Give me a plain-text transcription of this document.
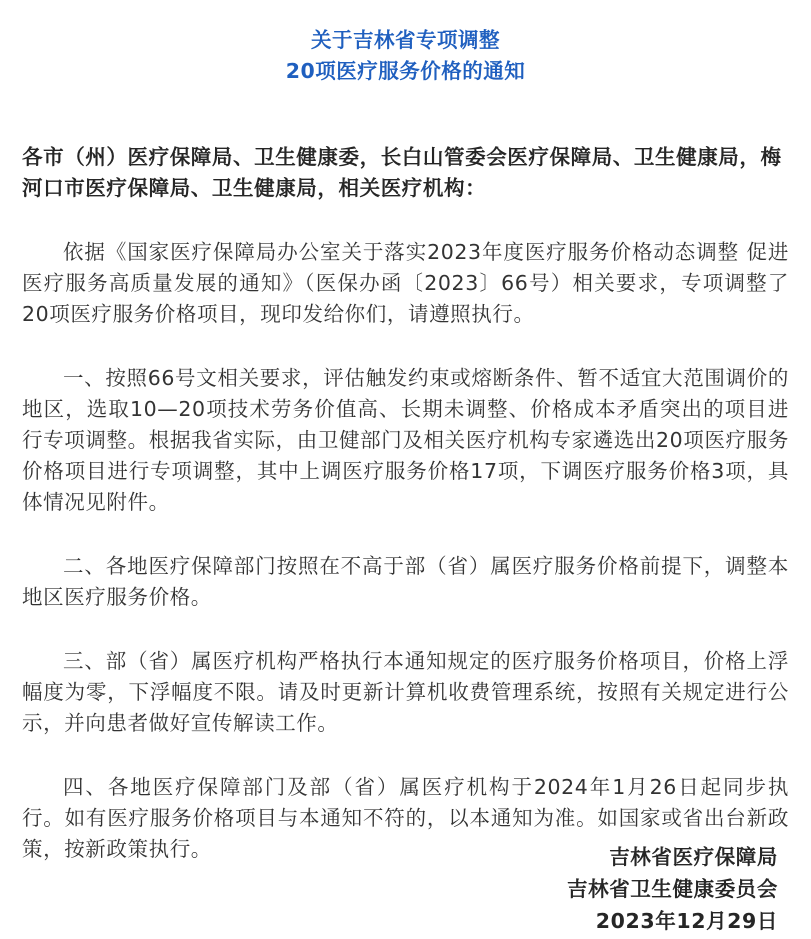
关于吉林省专项调整
20项医疗服务价格的通知
各市（州）医疗保障局、卫生健康委，长白山管委会医疗保障局、卫生健康局，梅河口市医疗保障局、卫生健康局，相关医疗机构：
依据《国家医疗保障局办公室关于落实2023年度医疗服务价格动态调整 促进医疗服务高质量发展的通知》（医保办函〔2023〕66号）相关要求，专项调整了20项医疗服务价格项目，现印发给你们，请遵照执行。
一、按照66号文相关要求，评估触发约束或熔断条件、暂不适宜大范围调价的地区，选取10—20项技术劳务价值高、长期未调整、价格成本矛盾突出的项目进行专项调整。根据我省实际，由卫健部门及相关医疗机构专家遴选出20项医疗服务价格项目进行专项调整，其中上调医疗服务价格17项，下调医疗服务价格3项，具体情况见附件。
二、各地医疗保障部门按照在不高于部（省）属医疗服务价格前提下，调整本地区医疗服务价格。
三、部（省）属医疗机构严格执行本通知规定的医疗服务价格项目，价格上浮幅度为零，下浮幅度不限。请及时更新计算机收费管理系统，按照有关规定进行公示，并向患者做好宣传解读工作。
四、各地医疗保障部门及部（省）属医疗机构于2024年1月26日起同步执行。如有医疗服务价格项目与本通知不符的，以本通知为准。如国家或省出台新政策，按新政策执行。	吉林省医疗保障局
吉林省卫生健康委员会
2023年12月29日
